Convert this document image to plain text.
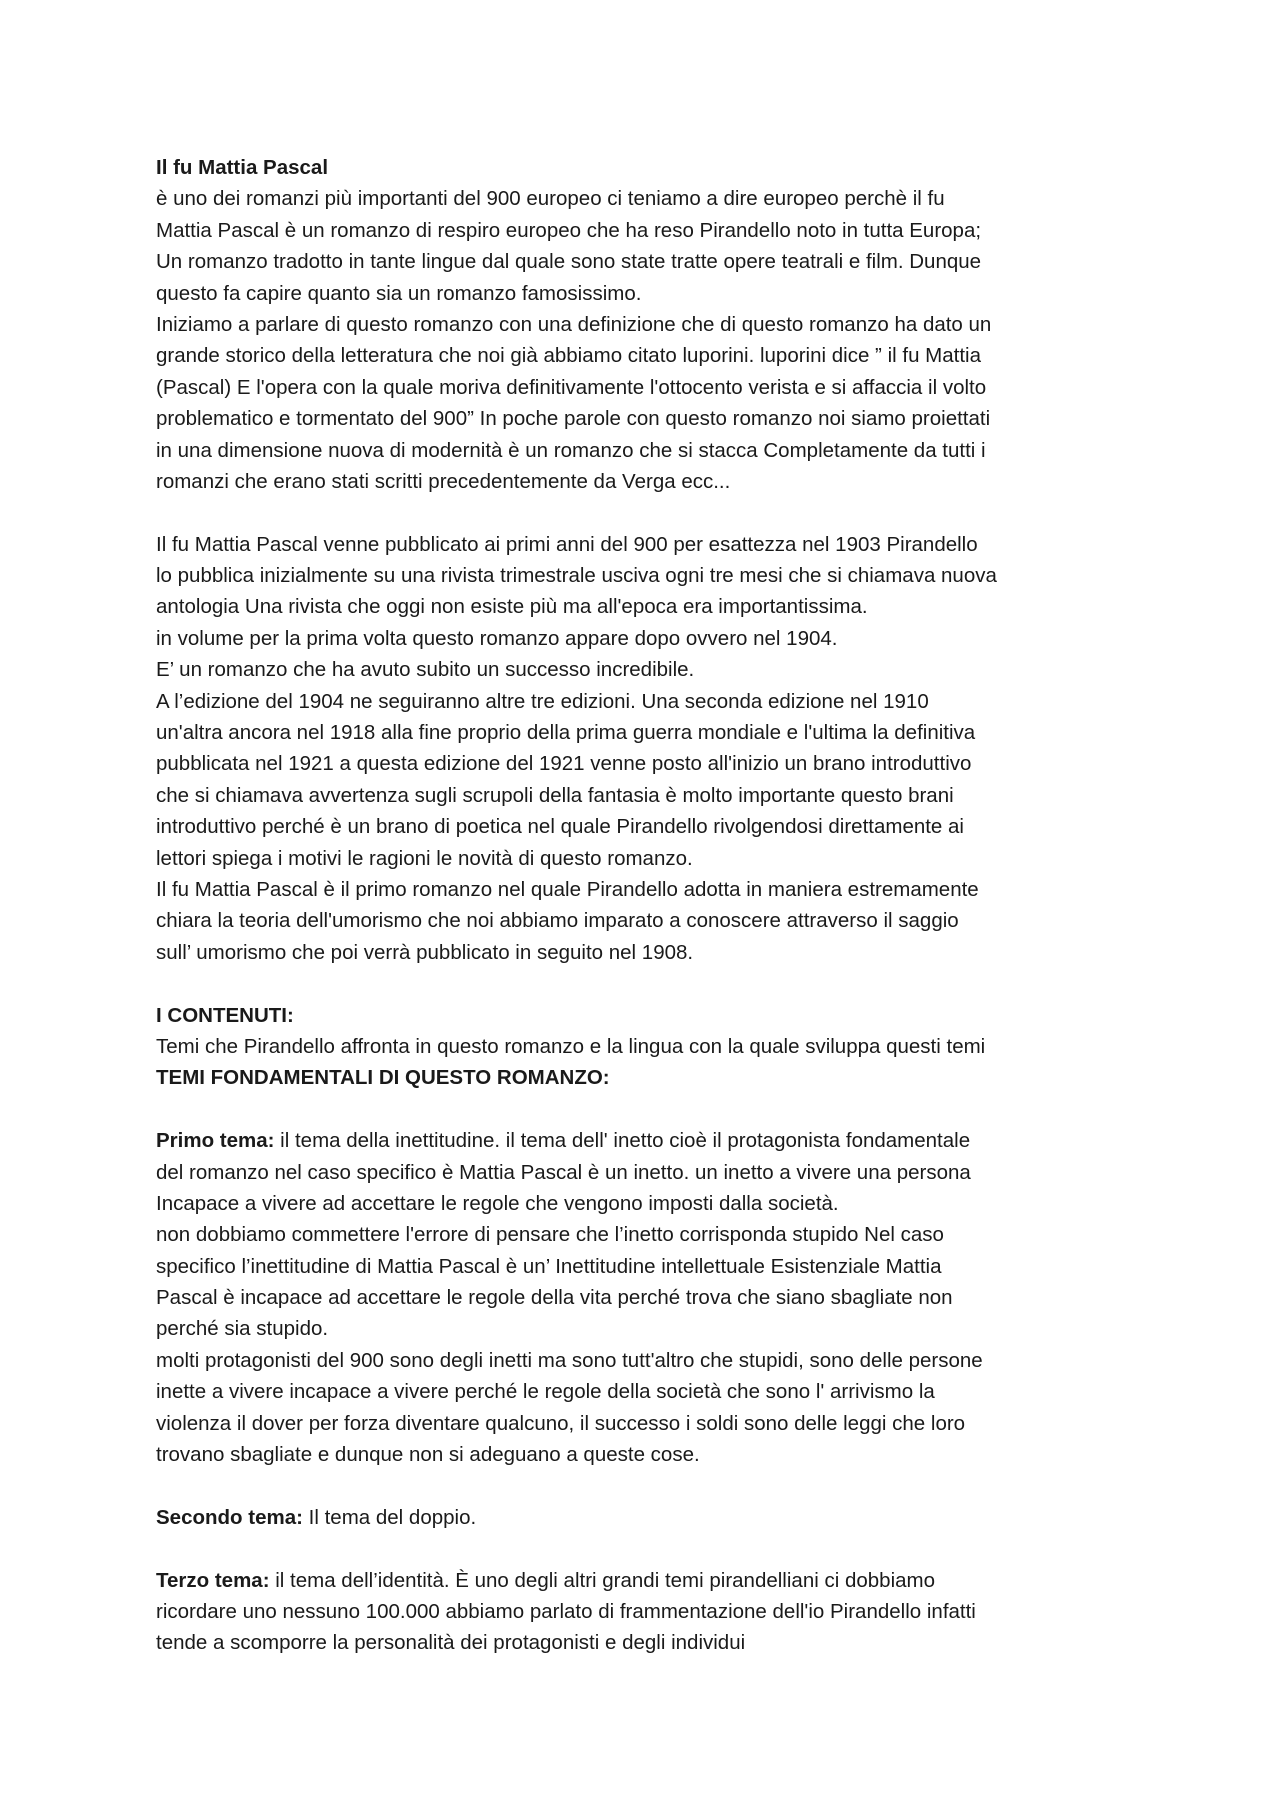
Il fu Mattia Pascal
è uno dei romanzi più importanti del 900 europeo ci teniamo a dire europeo perchè il fu
Mattia Pascal è un romanzo di respiro europeo che ha reso Pirandello noto in tutta Europa;
Un romanzo tradotto in tante lingue dal quale sono state tratte opere teatrali e film. Dunque
questo fa capire quanto sia un romanzo famosissimo.
Iniziamo a parlare di questo romanzo con una definizione che di questo romanzo ha dato un
grande storico della letteratura che noi già abbiamo citato luporini. luporini dice ” il fu Mattia
(Pascal) E l'opera con la quale moriva definitivamente l'ottocento verista e si affaccia il volto
problematico e tormentato del 900” In poche parole con questo romanzo noi siamo proiettati
in una dimensione nuova di modernità è un romanzo che si stacca Completamente da tutti i
romanzi che erano stati scritti precedentemente da Verga ecc...
Il fu Mattia Pascal venne pubblicato ai primi anni del 900 per esattezza nel 1903 Pirandello
lo pubblica inizialmente su una rivista trimestrale usciva ogni tre mesi che si chiamava nuova
antologia Una rivista che oggi non esiste più ma all'epoca era importantissima.
in volume per la prima volta questo romanzo appare dopo ovvero nel 1904.
E’ un romanzo che ha avuto subito un successo incredibile.
A l’edizione del 1904 ne seguiranno altre tre edizioni. Una seconda edizione nel 1910
un'altra ancora nel 1918 alla fine proprio della prima guerra mondiale e l'ultima la definitiva
pubblicata nel 1921 a questa edizione del 1921 venne posto all'inizio un brano introduttivo
che si chiamava avvertenza sugli scrupoli della fantasia è molto importante questo brani
introduttivo perché è un brano di poetica nel quale Pirandello rivolgendosi direttamente ai
lettori spiega i motivi le ragioni le novità di questo romanzo.
Il fu Mattia Pascal è il primo romanzo nel quale Pirandello adotta in maniera estremamente
chiara la teoria dell'umorismo che noi abbiamo imparato a conoscere attraverso il saggio
sull’ umorismo che poi verrà pubblicato in seguito nel 1908.
I CONTENUTI:
Temi che Pirandello affronta in questo romanzo e la lingua con la quale sviluppa questi temi
TEMI FONDAMENTALI DI QUESTO ROMANZO:
Primo tema: il tema della inettitudine. il tema dell' inetto cioè il protagonista fondamentale
del romanzo nel caso specifico è Mattia Pascal è un inetto. un inetto a vivere una persona
Incapace a vivere ad accettare le regole che vengono imposti dalla società.
non dobbiamo commettere l'errore di pensare che l’inetto corrisponda stupido Nel caso
specifico l’inettitudine di Mattia Pascal è un’ Inettitudine intellettuale Esistenziale Mattia
Pascal è incapace ad accettare le regole della vita perché trova che siano sbagliate non
perché sia stupido.
molti protagonisti del 900 sono degli inetti ma sono tutt'altro che stupidi, sono delle persone
inette a vivere incapace a vivere perché le regole della società che sono l' arrivismo la
violenza il dover per forza diventare qualcuno, il successo i soldi sono delle leggi che loro
trovano sbagliate e dunque non si adeguano a queste cose.
Secondo tema: Il tema del doppio.
Terzo tema: il tema dell’identità. È uno degli altri grandi temi pirandelliani ci dobbiamo
ricordare uno nessuno 100.000 abbiamo parlato di frammentazione dell'io Pirandello infatti
tende a scomporre la personalità dei protagonisti e degli individui
